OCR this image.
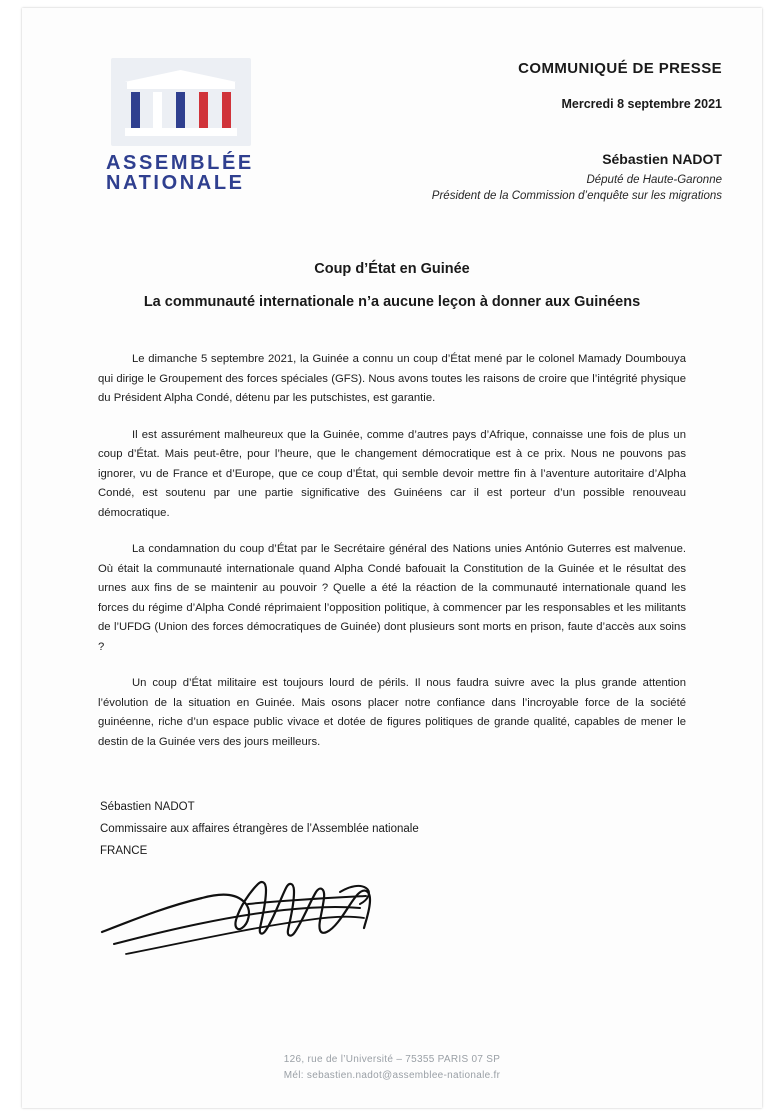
ASSEMBLÉE
NATIONALE
COMMUNIQUÉ DE PRESSE
Mercredi 8 septembre 2021
Sébastien NADOT
Député de Haute-Garonne
Président de la Commission d’enquête sur les migrations
Coup d’État en Guinée
La communauté internationale n’a aucune leçon à donner aux Guinéens

Le dimanche 5 septembre 2021, la Guinée a connu un coup d’État mené par le colonel Mamady Doumbouya qui dirige le Groupement des forces spéciales (GFS). Nous avons toutes les raisons de croire que l’intégrité physique du Président Alpha Condé, détenu par les putschistes, est garantie.

Il est assurément malheureux que la Guinée, comme d’autres pays d’Afrique, connaisse une fois de plus un coup d’État. Mais peut-être, pour l’heure, que le changement démocratique est à ce prix. Nous ne pouvons pas ignorer, vu de France et d’Europe, que ce coup d’État, qui semble devoir mettre fin à l’aventure autoritaire d’Alpha Condé, est soutenu par une partie significative des Guinéens car il est porteur d’un possible renouveau démocratique.

La condamnation du coup d’État par le Secrétaire général des Nations unies António Guterres est malvenue. Où était la communauté internationale quand Alpha Condé bafouait la Constitution de la Guinée et le résultat des urnes aux fins de se maintenir au pouvoir ? Quelle a été la réaction de la communauté internationale quand les forces du régime d’Alpha Condé réprimaient l’opposition politique, à commencer par les responsables et les militants de l’UFDG (Union des forces démocratiques de Guinée) dont plusieurs sont morts en prison, faute d’accès aux soins ?

Un coup d’État militaire est toujours lourd de périls. Il nous faudra suivre avec la plus grande attention l’évolution de la situation en Guinée. Mais osons placer notre confiance dans l’incroyable force de la société guinéenne, riche d’un espace public vivace et dotée de figures politiques de grande qualité, capables de mener le destin de la Guinée vers des jours meilleurs.

Sébastien NADOT
Commissaire aux affaires étrangères de l’Assemblée nationale
FRANCE
126, rue de l’Université – 75355 PARIS 07 SP
Mél: sebastien.nadot@assemblee-nationale.fr
